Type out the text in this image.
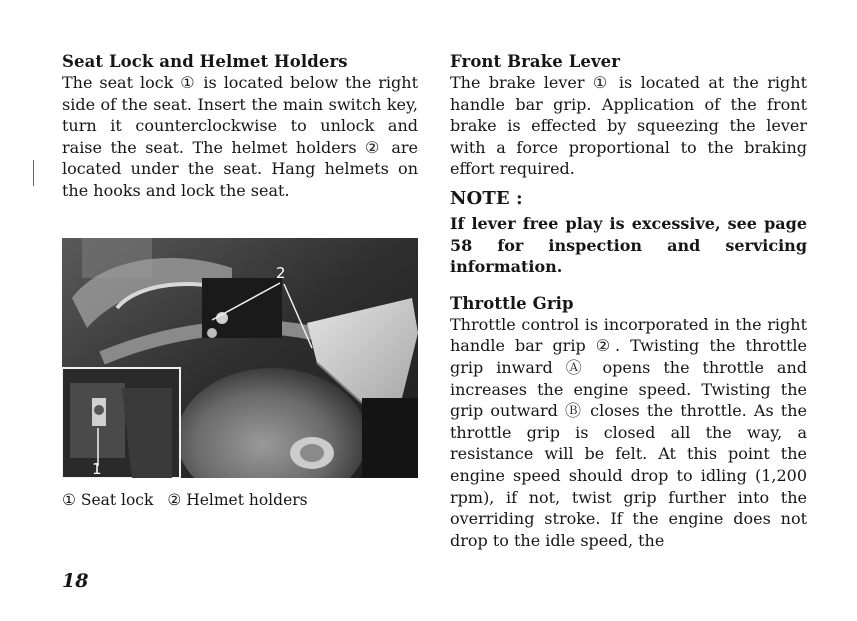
Seat Lock and Helmet Holders

The seat lock ① is located below the right side of the seat. Insert the main switch key, turn it counterclockwise to unlock and raise the seat. The helmet holders ② are located under the seat. Hang helmets on the hooks and lock the seat.

2
1
① Seat lock ② Helmet holders
Front Brake Lever

The brake lever ① is located at the right handle bar grip. Application of the front brake is effected by squeezing the lever with a force proportional to the braking effort required.

NOTE :

If lever free play is excessive, see page 58 for inspection and servicing information.

Throttle Grip

Throttle control is incorporated in the right handle bar grip ②. Twisting the throttle grip inward Ⓐ opens the throttle and increases the engine speed. Twisting the grip outward Ⓑ closes the throttle. As the throttle grip is closed all the way, a resistance will be felt. At this point the engine speed should drop to idling (1,200 rpm), if not, twist grip further into the overriding stroke. If the engine does not drop to the idle speed, the

18
